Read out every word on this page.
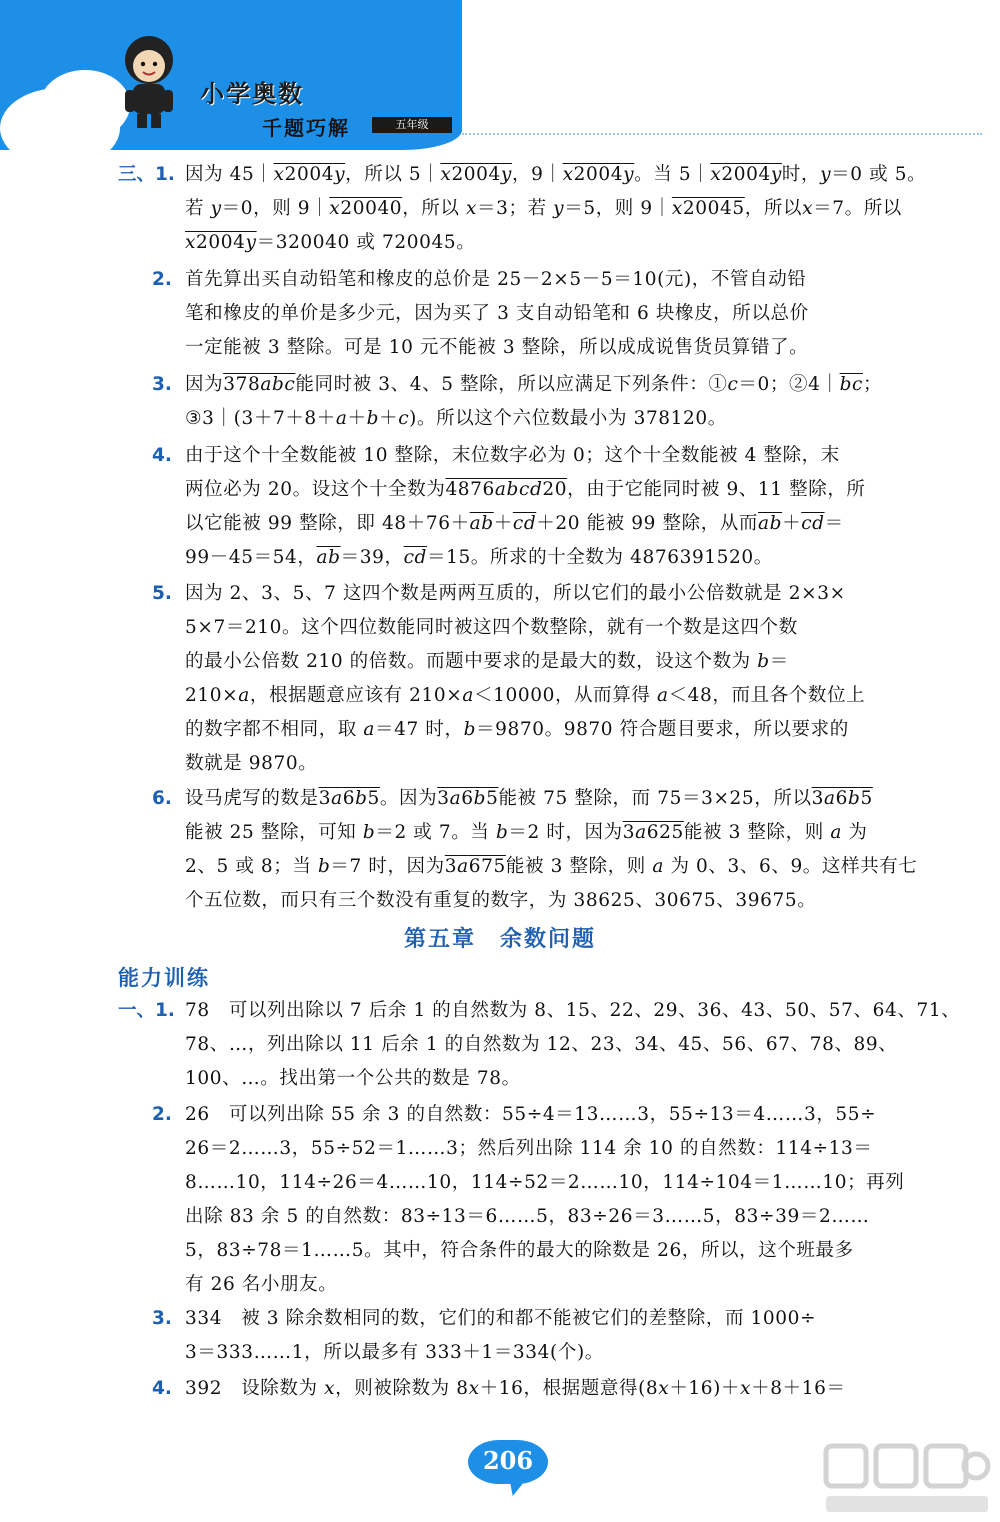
小学奥数
千题巧解	五年级
三、1. 因为 45｜x2004y，所以 5｜x2004y，9｜x2004y。当 5｜x2004y时，y＝0 或 5。
若 y＝0，则 9｜x20040，所以 x＝3；若 y＝5，则 9｜x20045，所以x＝7。所以
x2004y＝320040 或 720045。
2. 首先算出买自动铅笔和橡皮的总价是 25－2×5－5＝10(元)，不管自动铅
笔和橡皮的单价是多少元，因为买了 3 支自动铅笔和 6 块橡皮，所以总价
一定能被 3 整除。可是 10 元不能被 3 整除，所以成成说售货员算错了。
3. 因为378abc能同时被 3、4、5 整除，所以应满足下列条件：①c＝0；$②4|\overline{bc}$；
③3｜(3＋7＋8＋a＋b＋c)。所以这个六位数最小为 378120。
4. 由于这个十全数能被 10 整除，末位数字必为 0；这个十全数能被 4 整除，末
两位必为 20。设这个十全数为4876abcd20，由于它能同时被 9、11 整除，所
以它能被 99 整除，即 $48+76+\overline{ab}+\overline{cd}+20$ 能被 99 整除，从而$\overline{ab}+\overline{cd}=$
99－45＝54，$\overline{ab}=39$，$\overline{cd}=15$。所求的十全数为 4876391520。
5. 因为 2、3、5、7 这四个数是两两互质的，所以它们的最小公倍数就是 2×3×
5×7＝210。这个四位数能同时被这四个数整除，就有一个数是这四个数
的最小公倍数 210 的倍数。而题中要求的是最大的数，设这个数为 b＝
210×a，根据题意应该有 210×a＜10000，从而算得 a＜48，而且各个数位上
的数字都不相同，取 a＝47 时，b＝9870。9870 符合题目要求，所以要求的
数就是 9870。
6. 设马虎写的数是3a6b5。因为3a6b5能被 75 整除，而 75＝3×25，所以3a6b5
能被 25 整除，可知 b＝2 或 7。当 b＝2 时，因为3a625能被 3 整除，则 a 为
2、5 或 8；当 b＝7 时，因为3a675能被 3 整除，则 a 为 0、3、6、9。这样共有七
个五位数，而只有三个数没有重复的数字，为 38625、30675、39675。
第五章　余数问题
能力训练
一、1. 78　可以列出除以 7 后余 1 的自然数为 8、15、22、29、36、43、50、57、64、71、
78、…，列出除以 11 后余 1 的自然数为 12、23、34、45、56、67、78、89、
100、…。找出第一个公共的数是 78。
2. 26　可以列出除 55 余 3 的自然数：55÷4＝13……3，55÷13＝4……3，55÷
26＝2……3，55÷52＝1……3；然后列出除 114 余 10 的自然数：114÷13＝
8……10，114÷26＝4……10，114÷52＝2……10，114÷104＝1……10；再列
出除 83 余 5 的自然数：83÷13＝6……5，83÷26＝3……5，83÷39＝2……
5，83÷78＝1……5。其中，符合条件的最大的除数是 26，所以，这个班最多
有 26 名小朋友。
3. 334　被 3 除余数相同的数，它们的和都不能被它们的差整除，而 1000÷
3＝333……1，所以最多有 333＋1＝334(个)。
4. 392　设除数为 x，则被除数为 8x＋16，根据题意得(8x＋16)＋x＋8＋16＝
206
